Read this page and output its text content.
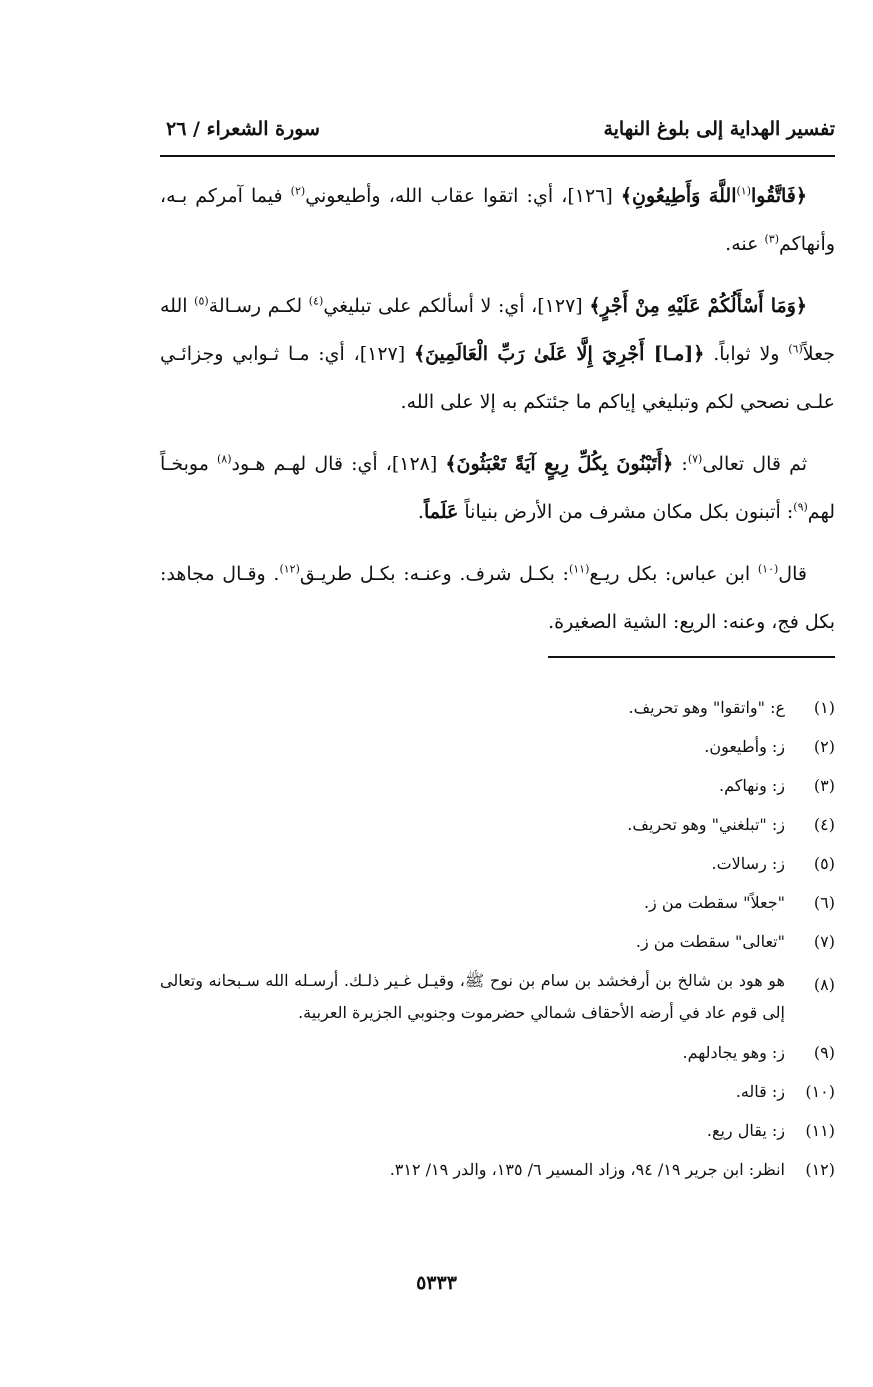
تفسير الهداية إلى بلوغ النهاية
سورة الشعراء / ٢٦

﴿فَاتَّقُوا$^{(١)}$اللَّهَ وَأَطِيعُونِ﴾ [١٢٦]، أي: اتقوا عقاب الله، وأطيعوني$^{(٢)}$ فيما آمركم بـه، وأنهاكم$^{(٣)}$ عنه.

﴿وَمَا أَسْأَلُكُمْ عَلَيْهِ مِنْ أَجْرٍ﴾ [١٢٧]، أي: لا أسألكم على تبليغي$^{(٤)}$ لكـم رسـالة$^{(٥)}$ الله جعلاً$^{(٦)}$ ولا ثواباً. ﴿[مـا] أَجْرِيَ إِلَّا عَلَىٰ رَبِّ الْعَالَمِينَ﴾ [١٢٧]، أي: مـا ثـوابي وجزائـي علـى نصحي لكم وتبليغي إياكم ما جئتكم به إلا على الله.

ثم قال تعالى$^{(٧)}$: ﴿أَتَبْنُونَ بِكُلِّ رِيعٍ آيَةً تَعْبَثُونَ﴾ [١٢٨]، أي: قال لهـم هـود$^{(٨)}$ موبخـاً لهم$^{(٩)}$: أتبنون بكل مكان مشرف من الأرض بنياناً عَلَماً.

قال$^{(١٠)}$ ابن عباس: بكل ريـع$^{(١١)}$: بكـل شرف. وعنـه: بكـل طريـق$^{(١٢)}$. وقـال مجاهد: بكل فج، وعنه: الريع: الشية الصغيرة.

(١)
ع: "واتقوا" وهو تحريف.
(٢)
ز: وأطيعون.
(٣)
ز: ونهاكم.
(٤)
ز: "تبلغني" وهو تحريف.
(٥)
ز: رسالات.
(٦)
"جعلاً" سقطت من ز.
(٧)
"تعالى" سقطت من ز.
(٨)
هو هود بن شالخ بن أرفخشد بن سام بن نوح ﷺ، وقيـل غـير ذلـك. أرسـله الله سـبحانه وتعالى إلى قوم عاد في أرضه الأحقاف شمالي حضرموت وجنوبي الجزيرة العربية.
(٩)
ز: وهو يجادلهم.
(١٠)
ز: قاله.
(١١)
ز: يقال ريع.
(١٢)
انظر: ابن جرير ١٩/ ٩٤، وزاد المسير ٦/ ١٣٥، والدر ١٩/ ٣١٢.
٥٣٣٣
